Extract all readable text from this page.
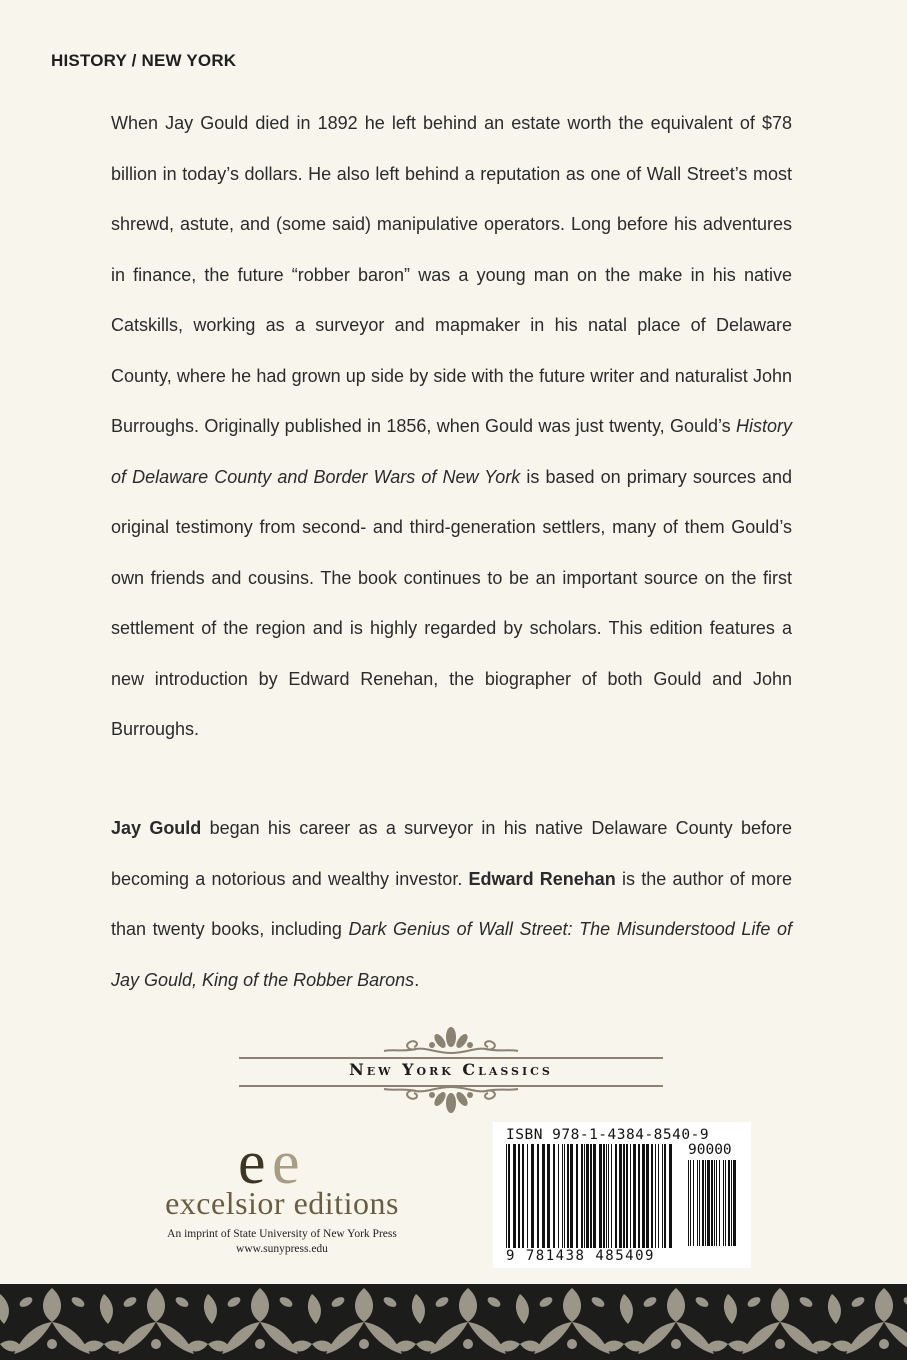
HISTORY / NEW YORK

When Jay Gould died in 1892 he left behind an estate worth the equivalent of $78 billion in today’s dollars. He also left behind a reputation as one of Wall Street’s most shrewd, astute, and (some said) manipulative operators. Long before his adventures in finance, the future “robber baron” was a young man on the make in his native Catskills, working as a surveyor and mapmaker in his natal place of Delaware County, where he had grown up side by side with the future writer and naturalist John Burroughs. Originally published in 1856, when Gould was just twenty, Gould’s History of Delaware County and Border Wars of New York is based on primary sources and original testimony from second- and third-generation settlers, many of them Gould’s own friends and cousins. The book continues to be an important source on the first settlement of the region and is highly regarded by scholars. This edition features a new introduction by Edward Renehan, the biographer of both Gould and John Burroughs.

Jay Gould began his career as a surveyor in his native Delaware County before becoming a notorious and wealthy investor. Edward Renehan is the author of more than twenty books, including Dark Genius of Wall Street: The Misunderstood Life of Jay Gould, King of the Robber Barons.

New York Classics
e e
excelsior editions
An imprint of State University of New York Press
www.sunypress.edu
ISBN 978-1-4384-8540-9
90000
9 781438 485409
